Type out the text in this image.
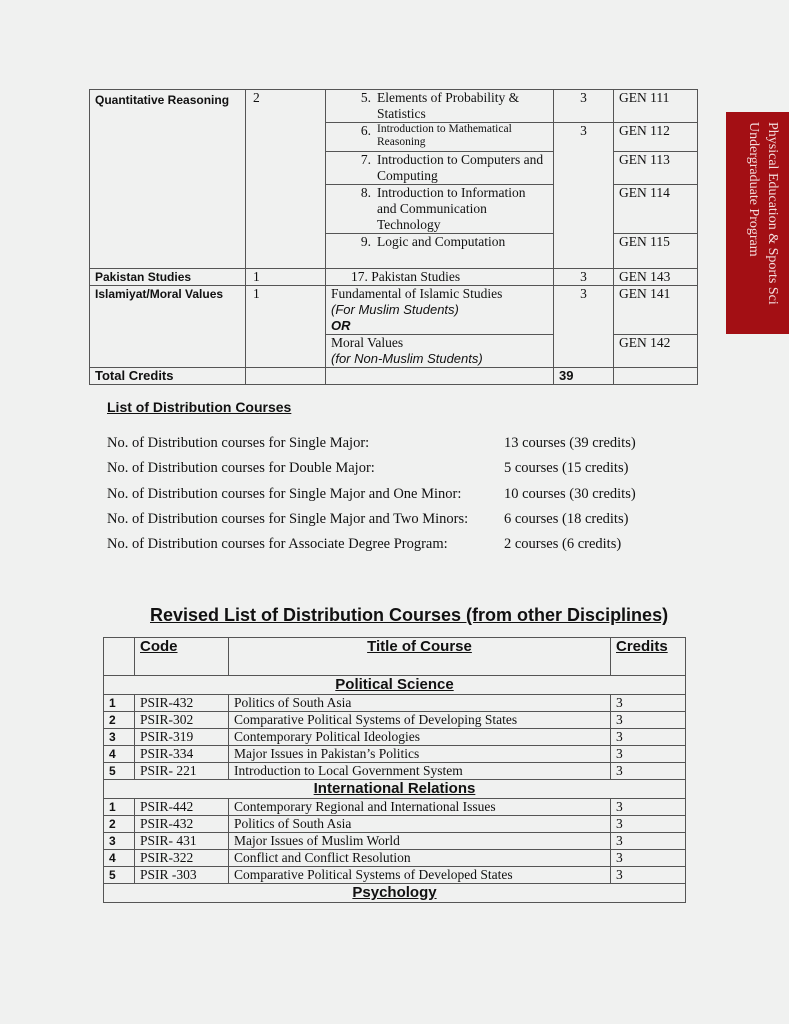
Quantitative Reasoning	2	5. Elements of Probability & Statistics	3	GEN 111

		6. Introduction to Mathematical Reasoning	3	GEN 112

		7. Introduction to Computers and Computing		GEN 113

		8. Introduction to Information and Communication Technology		GEN 114

		9. Logic and Computation		GEN 115
Pakistan Studies	1	17. Pakistan Studies	3	GEN 143
Islamiyat/Moral Values	1	Fundamental of Islamic Studies
(For Muslim Students)
OR	3	GEN 141

		Moral Values
(for Non-Muslim Students)		GEN 142
Total Credits			39	
Physical Education & Sports Sci Undergraduate Program
List of Distribution Courses
No. of Distribution courses for Single Major:	13 courses (39 credits)
No. of Distribution courses for Double Major:	5 courses (15 credits)
No. of Distribution courses for Single Major and One Minor:	10 courses (30 credits)
No. of Distribution courses for Single Major and Two Minors: 6 courses (18 credits)
No. of Distribution courses for Associate Degree Program:	2 courses (6 credits)
Revised List of Distribution Courses (from other Disciplines)
	Code	Title of Course	Credits
Political Science			
1	PSIR-432	Politics of South Asia	3
2	PSIR-302	Comparative Political Systems of Developing States	3
3	PSIR-319	Contemporary Political Ideologies	3
4	PSIR-334	Major Issues in Pakistan’s Politics	3
5	PSIR- 221	Introduction to Local Government System	3
International Relations			
1	PSIR-442	Contemporary Regional and International Issues	3
2	PSIR-432	Politics of South Asia	3
3	PSIR- 431	Major Issues of Muslim World	3
4	PSIR-322	Conflict and Conflict Resolution	3
5	PSIR -303	Comparative Political Systems of Developed States	3
Psychology			
